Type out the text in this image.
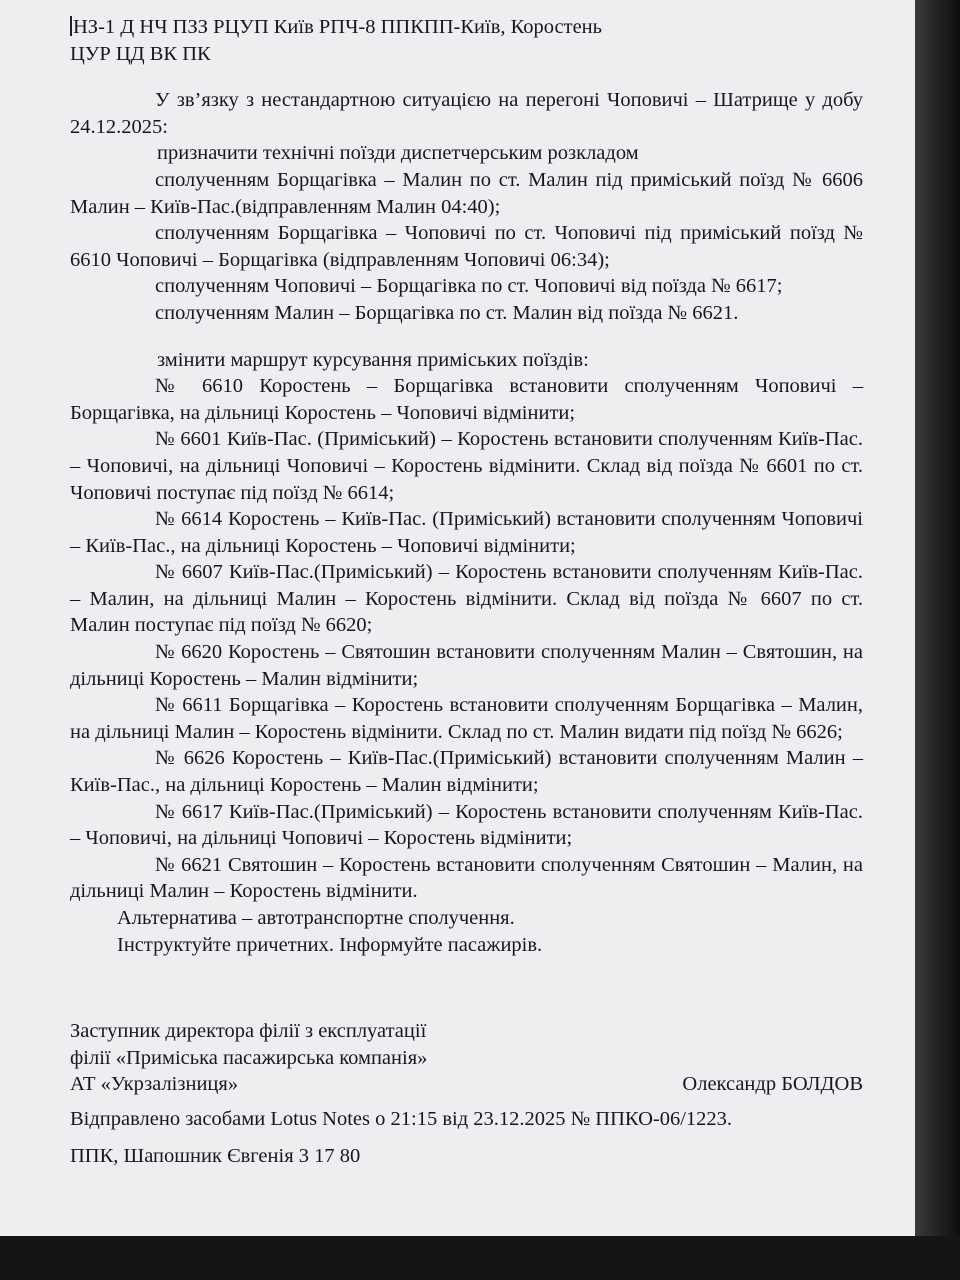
НЗ-1 Д НЧ ПЗЗ РЦУП Київ РПЧ-8 ППКПП-Київ, Коростень

ЦУР ЦД ВК ПК

У зв’язку з нестандартною ситуацією на перегоні Чоповичі – Шатрище у добу 24.12.2025:

призначити технічні поїзди диспетчерським розкладом

сполученням Борщагівка – Малин по ст. Малин під приміський поїзд № 6606 Малин – Київ-Пас.(відправленням Малин 04:40);

сполученням Борщагівка – Чоповичі по ст. Чоповичі під приміський поїзд № 6610 Чоповичі – Борщагівка (відправленням Чоповичі 06:34);

сполученням Чоповичі – Борщагівка по ст. Чоповичі від поїзда № 6617;

сполученням Малин – Борщагівка по ст. Малин від поїзда № 6621.

змінити маршрут курсування приміських поїздів:

№ 6610 Коростень – Борщагівка встановити сполученням Чоповичі – Борщагівка, на дільниці Коростень – Чоповичі відмінити;

№ 6601 Київ-Пас. (Приміський) – Коростень встановити сполученням Київ-Пас. – Чоповичі, на дільниці Чоповичі – Коростень відмінити. Склад від поїзда № 6601 по ст. Чоповичі поступає під поїзд № 6614;

№ 6614 Коростень – Київ-Пас. (Приміський) встановити сполученням Чоповичі – Київ-Пас., на дільниці Коростень – Чоповичі відмінити;

№ 6607 Київ-Пас.(Приміський) – Коростень встановити сполученням Київ-Пас. – Малин, на дільниці Малин – Коростень відмінити. Склад від поїзда № 6607 по ст. Малин поступає під поїзд № 6620;

№ 6620 Коростень – Святошин встановити сполученням Малин – Святошин, на дільниці Коростень – Малин відмінити;

№ 6611 Борщагівка – Коростень встановити сполученням Борщагівка – Малин, на дільниці Малин – Коростень відмінити. Склад по ст. Малин видати під поїзд № 6626;

№ 6626 Коростень – Київ-Пас.(Приміський) встановити сполученням Малин – Київ-Пас., на дільниці Коростень – Малин відмінити;

№ 6617 Київ-Пас.(Приміський) – Коростень встановити сполученням Київ-Пас. – Чоповичі, на дільниці Чоповичі – Коростень відмінити;

№ 6621 Святошин – Коростень встановити сполученням Святошин – Малин, на дільниці Малин – Коростень відмінити.

Альтернатива – автотранспортне сполучення.

Інструктуйте причетних. Інформуйте пасажирів.

Заступник директора філії з експлуатації

філії «Приміська пасажирська компанія»

АТ «Укрзалізниця»	Олександр БОЛДОВ

Відправлено засобами Lotus Notes о 21:15 від 23.12.2025 № ППКО-06/1223.

ППК, Шапошник Євгенія 3 17 80
